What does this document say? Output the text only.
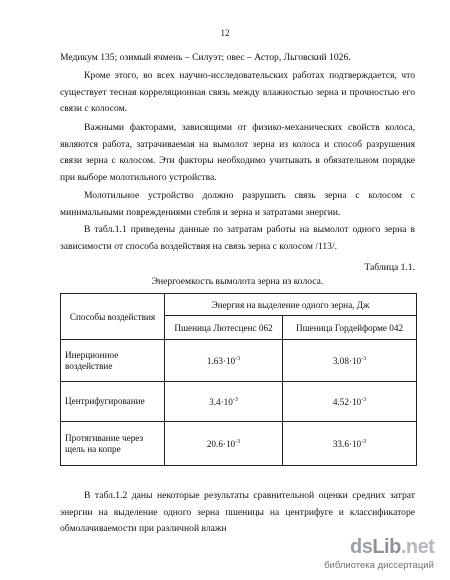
12
Медикум 135; озимый ячмень – Силуэт; овес – Астор, Льговский 1026.
Кроме этого, во всех научно-исследовательских работах подтверждается, что существует тесная корреляционная связь между влажностью зерна и прочностью его связи с колосом.
Важными факторами, зависящими от физико-механических свойств колоса, являются работа, затрачиваемая на вымолот зерна из колоса и способ разрушения связи зерна с колосом. Эти факторы необходимо учитывать в обязательном порядке при выборе молотильного устройства.
Молотильное устройство должно разрушить связь зерна с колосом с минимальными повреждениями стебля и зерна и затратами энергии.
В табл.1.1 приведены данные по затратам работы на вымолот одного зерна в зависимости от способа воздействия на связь зерна с колосом /113/.
Таблица 1.1.
Энергоемкость вымолота зерна из колоса.
Способы воздействия	Энергия на выделение одного зерна, Дж	
	Пшеница Лютесценс 062	Пшеница Гордейформе 042
Инерционное воздействие	$1.63\cdot 10^{-3}$	$3.08\cdot 10^{-3}$
Центрифугирование	$3.4\cdot 10^{-3}$	$4.52\cdot 10^{-3}$
Протягивание через щель на копре	$20.6\cdot 10^{-3}$	$33.6\cdot 10^{-3}$
В табл.1.2 даны некоторые результаты сравнительной оценки средних затрат энергии на выделение одного зерна пшеницы на центрифуге и классификаторе обмолачиваемости при различной влажн
dsLib.net
библиотека диссертаций
